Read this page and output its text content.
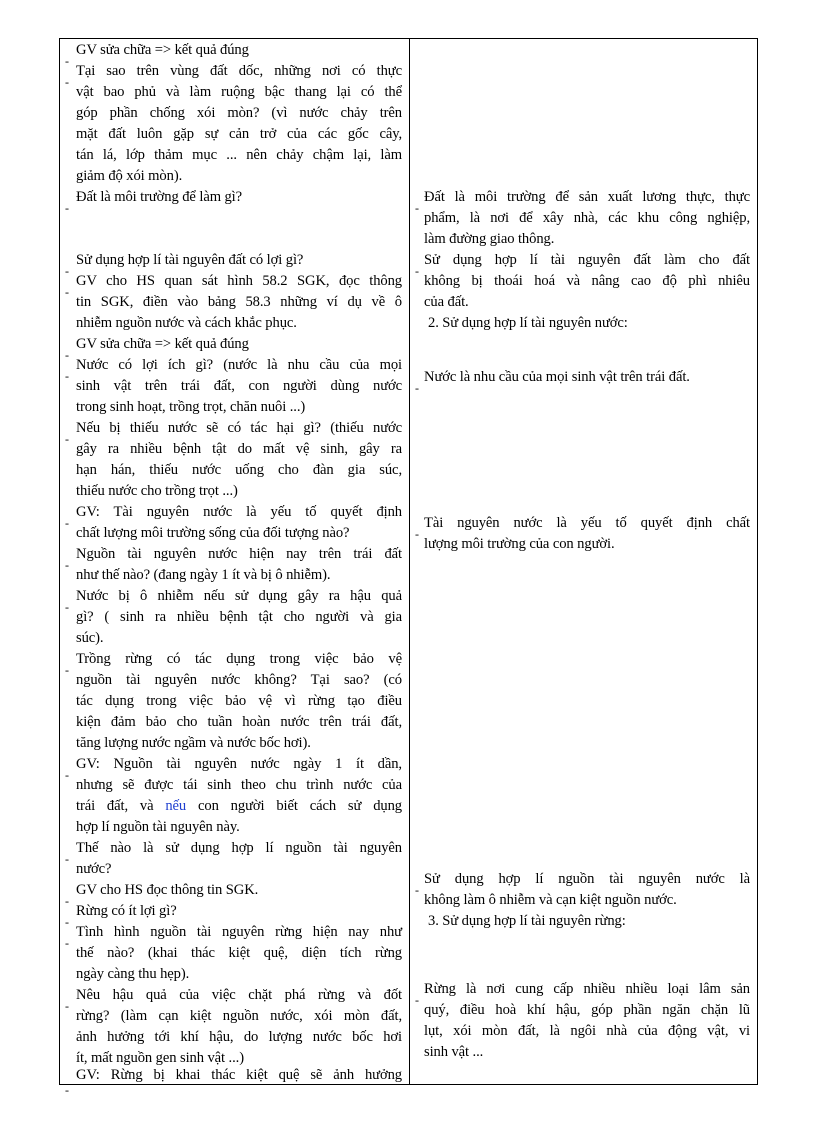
-
GV sửa chữa => kết quả đúng
-
Tại sao trên vùng đất dốc, những nơi có thực
vật bao phủ và làm ruộng bậc thang lại có thể
góp phần chống xói mòn? (vì nước chảy trên
mặt đất luôn gặp sự cản trở của các gốc cây,
tán lá, lớp thảm mục ... nên chảy chậm lại, làm
giảm độ xói mòn).
-
Đất là môi trường để làm gì?
-
Sử dụng hợp lí tài nguyên đất có lợi gì?
-
GV cho HS quan sát hình 58.2 SGK, đọc thông
tin SGK, điền vào bảng 58.3 những ví dụ về ô
nhiễm nguồn nước và cách khắc phục.
-
GV sửa chữa => kết quả đúng
-
Nước có lợi ích gì? (nước là nhu cầu của mọi
sinh vật trên trái đất, con người dùng nước
trong sinh hoạt, trồng trọt, chăn nuôi ...)
-
Nếu bị thiếu nước sẽ có tác hại gì? (thiếu nước
gây ra nhiều bệnh tật do mất vệ sinh, gây ra
hạn hán, thiếu nước uống cho đàn gia súc,
thiếu nước cho trồng trọt ...)
-
GV: Tài nguyên nước là yếu tố quyết định
chất lượng môi trường sống của đối tượng nào?
-
Nguồn tài nguyên nước hiện nay trên trái đất
như thế nào? (đang ngày 1 ít và bị ô nhiễm).
-
Nước bị ô nhiễm nếu sử dụng gây ra hậu quả
gì? ( sinh ra nhiều bệnh tật cho người và gia
súc).
-
Trồng rừng có tác dụng trong việc bảo vệ
nguồn tài nguyên nước không? Tại sao? (có
tác dụng trong việc bảo vệ vì rừng tạo điều
kiện đảm bảo cho tuần hoàn nước trên trái đất,
tăng lượng nước ngầm và nước bốc hơi).
-
GV: Nguồn tài nguyên nước ngày 1 ít dần,
nhưng sẽ được tái sinh theo chu trình nước của
trái đất, và nếu con người biết cách sử dụng
hợp lí nguồn tài nguyên này.
-
Thế nào là sử dụng hợp lí nguồn tài nguyên
nước?
-
GV cho HS đọc thông tin SGK.
-
Rừng có ít lợi gì?
-
Tình hình nguồn tài nguyên rừng hiện nay như
thế nào? (khai thác kiệt quệ, diện tích rừng
ngày càng thu hẹp).
-
Nêu hậu quả của việc chặt phá rừng và đốt
rừng? (làm cạn kiệt nguồn nước, xói mòn đất,
ảnh hưởng tới khí hậu, do lượng nước bốc hơi
ít, mất nguồn gen sinh vật ...)
-
GV: Rừng bị khai thác kiệt quệ sẽ ảnh hưởng
-
Đất là môi trường để sản xuất lương thực, thực
phẩm, là nơi để xây nhà, các khu công nghiệp,
làm đường giao thông.
-
Sử dụng hợp lí tài nguyên đất làm cho đất
không bị thoái hoá và nâng cao độ phì nhiêu
của đất.
2. Sử dụng hợp lí tài nguyên nước:
-
Nước là nhu cầu của mọi sinh vật trên trái đất.
-
Tài nguyên nước là yếu tố quyết định chất
lượng môi trường của con người.
-
Sử dụng hợp lí nguồn tài nguyên nước là
không làm ô nhiễm và cạn kiệt nguồn nước.
3. Sử dụng hợp lí tài nguyên rừng:
-
Rừng là nơi cung cấp nhiều nhiều loại lâm sản
quý, điều hoà khí hậu, góp phần ngăn chặn lũ
lụt, xói mòn đất, là ngôi nhà của động vật, vi
sinh vật ...
